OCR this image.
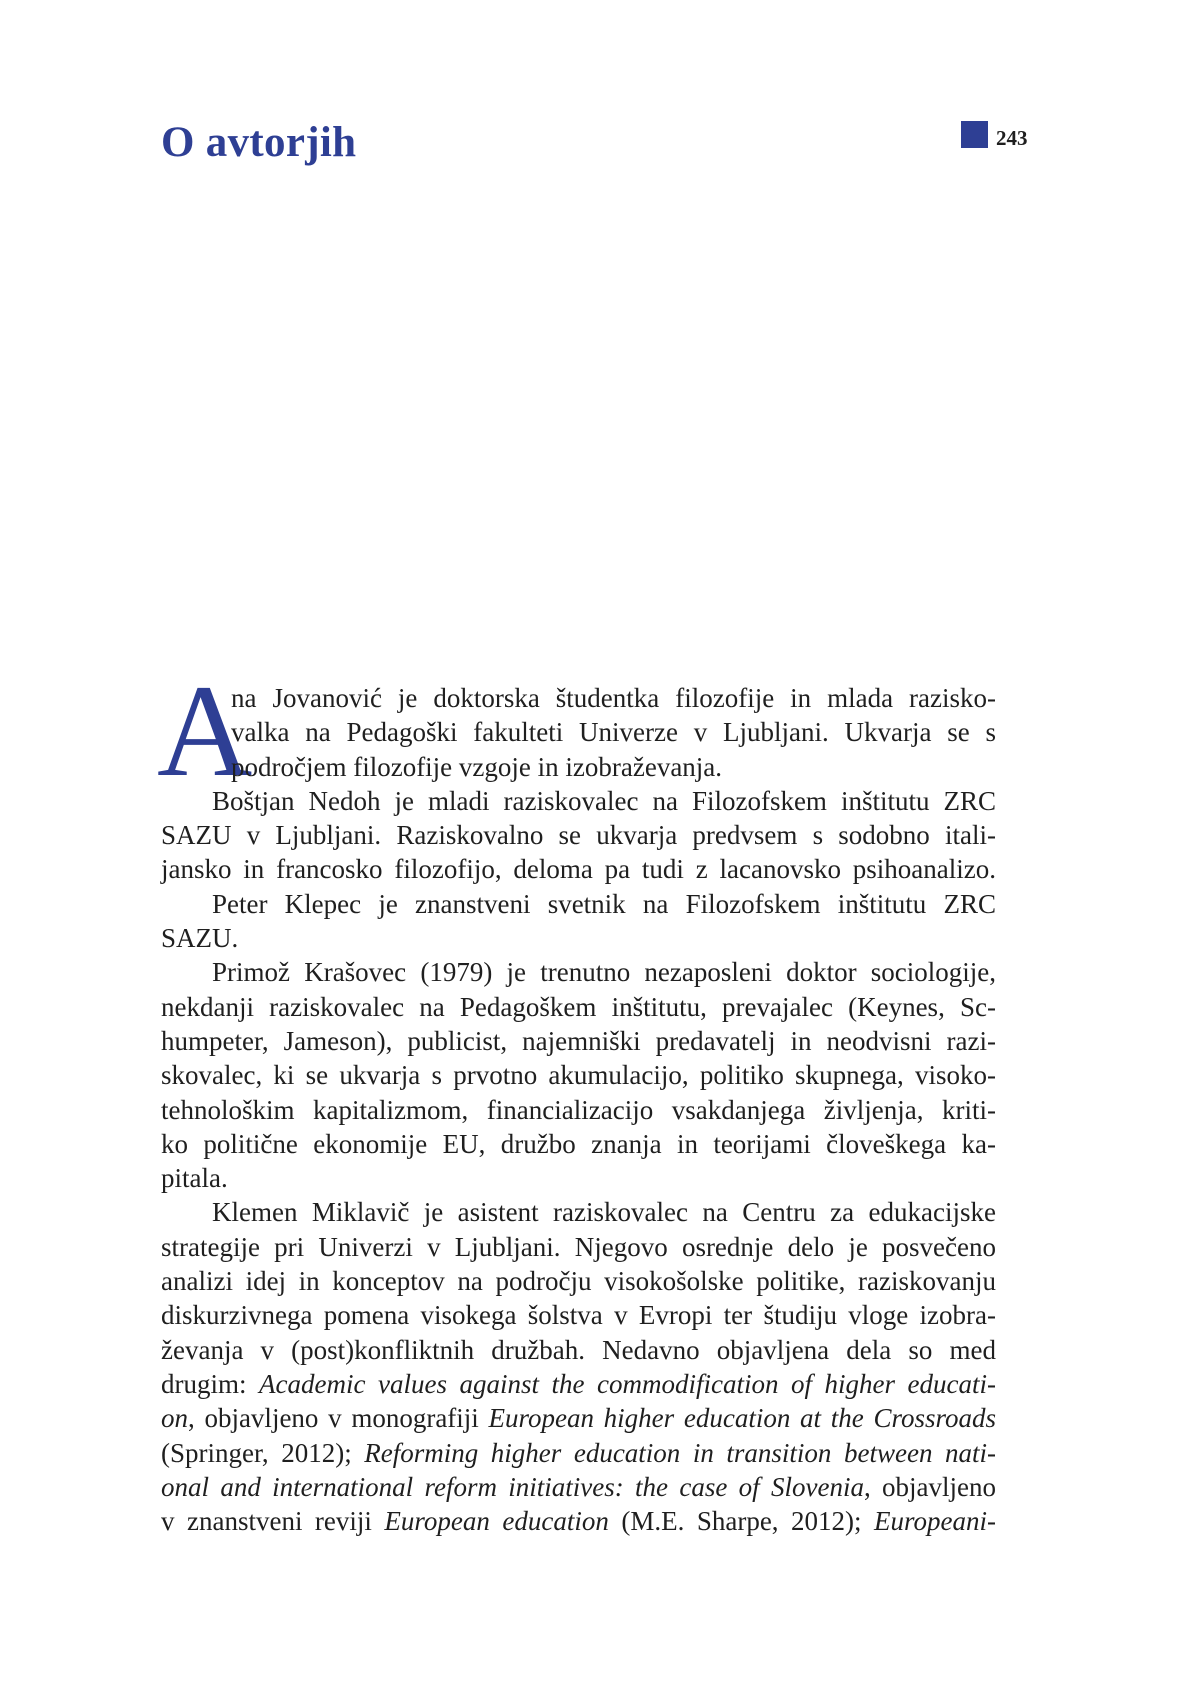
O avtorjih	243
A
na Jovanović je doktorska študentka filozofije in mlada razisko-
valka na Pedagoški fakulteti Univerze v Ljubljani. Ukvarja se s
področjem filozofije vzgoje in izobraževanja.
Boštjan Nedoh je mladi raziskovalec na Filozofskem inštitutu ZRC
SAZU v Ljubljani. Raziskovalno se ukvarja predvsem s sodobno itali-
jansko in francosko filozofijo, deloma pa tudi z lacanovsko psihoanalizo.
Peter Klepec je znanstveni svetnik na Filozofskem inštitutu ZRC
SAZU.
Primož Krašovec (1979) je trenutno nezaposleni doktor sociologije,
nekdanji raziskovalec na Pedagoškem inštitutu, prevajalec (Keynes, Sc-
humpeter, Jameson), publicist, najemniški predavatelj in neodvisni razi-
skovalec, ki se ukvarja s prvotno akumulacijo, politiko skupnega, visoko-
tehnološkim kapitalizmom, financializacijo vsakdanjega življenja, kriti-
ko politične ekonomije EU, družbo znanja in teorijami človeškega ka-
pitala.
Klemen Miklavič je asistent raziskovalec na Centru za edukacijske
strategije pri Univerzi v Ljubljani. Njegovo osrednje delo je posvečeno
analizi idej in konceptov na področju visokošolske politike, raziskovanju
diskurzivnega pomena visokega šolstva v Evropi ter študiju vloge izobra-
ževanja v (post)konfliktnih družbah. Nedavno objavljena dela so med
drugim: Academic values against the commodification of higher educati-
on, objavljeno v monografiji European higher education at the Crossroads
(Springer, 2012); Reforming higher education in transition between nati-
onal and international reform initiatives: the case of Slovenia, objavljeno
v znanstveni reviji European education (M.E. Sharpe, 2012); Europeani-
